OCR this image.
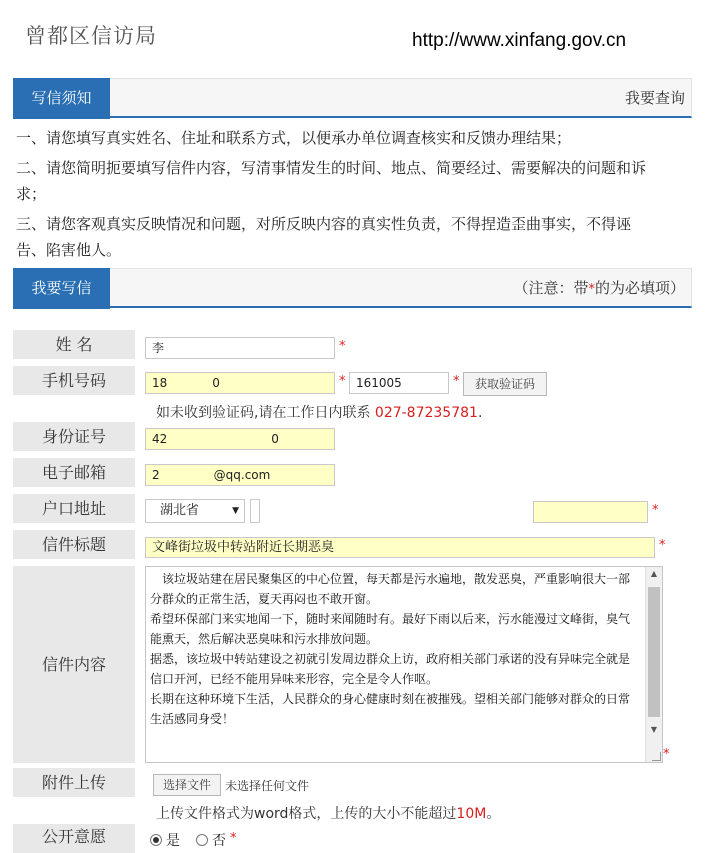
曾都区信访局	http://www.xinfang.gov.cn
写信须知	我要查询
一、请您填写真实姓名、住址和联系方式，以便承办单位调查核实和反馈办理结果；
二、请您简明扼要填写信件内容，写清事情发生的时间、地点、简要经过、需要解决的问题和诉
求；
三、请您客观真实反映情况和问题，对所反映内容的真实性负责，不得捏造歪曲事实，不得诬
告、陷害他人。
我要写信	（注意：带*的为必填项）
姓 名	李	*
手机号码	18	0	* 161005	*	获取验证码
如未收到验证码,请在工作日内联系 027-87235781.
身份证号	42	0
电子邮箱	2	@qq.com
户口地址	湖北省	▼	*
信件标题	文峰街垃圾中转站附近长期恶臭	*
信件内容

　该垃圾站建在居民聚集区的中心位置，每天都是污水遍地，散发恶臭，严重影响很大一部分群众的正常生活，夏天再闷也不敢开窗。

希望环保部门来实地闻一下，随时来闻随时有。最好下雨以后来，污水能漫过文峰街，臭气能熏天，然后解决恶臭味和污水排放问题。

据悉，该垃圾中转站建设之初就引发周边群众上访，政府相关部门承诺的没有异味完全就是信口开河，已经不能用异味来形容，完全是令人作呕。

长期在这种环境下生活，人民群众的身心健康时刻在被摧残。望相关部门能够对群众的日常生活感同身受！

▲
▼
*
附件上传	选择文件	未选择任何文件
上传文件格式为word格式，上传的大小不能超过10M。
公开意愿	是 否 *
